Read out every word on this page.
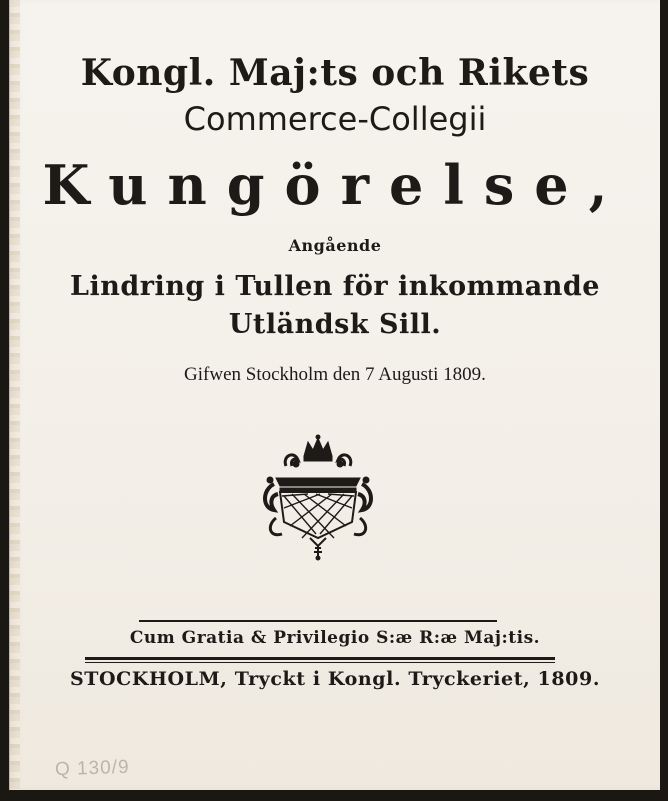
Kongl. Maj:ts och Rikets
Commerce-Collegii
Kungörelse,
Angående
Lindring i Tullen för inkommande
Utländsk Sill.
Gifwen Stockholm den 7 Augusti 1809.
Cum Gratia & Privilegio S:æ R:æ Maj:tis.
STOCKHOLM, Tryckt i Kongl. Tryckeriet, 1809.
Q 130/9
